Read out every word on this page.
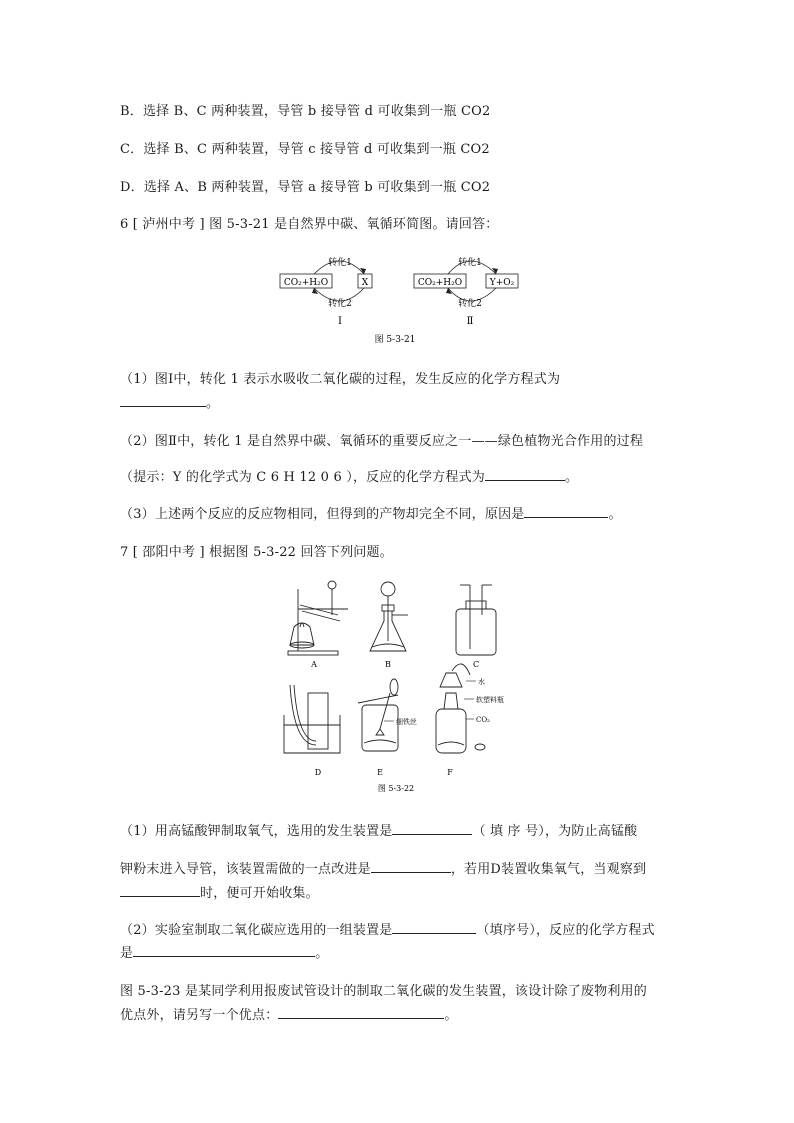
B．选择 B、C 两种装置，导管 b 接导管 d 可收集到一瓶 CO2
C．选择 B、C 两种装置，导管 c 接导管 d 可收集到一瓶 CO2
D．选择 A、B 两种装置，导管 a 接导管 b 可收集到一瓶 CO2
6 [ 泸州中考 ] 图 5-3-21 是自然界中碳、氧循环简图。请回答：
CO₂+H₂O	X
转化1
转化2
Ⅰ
CO₂+H₂O	Y+O₂
转化1
转化2
Ⅱ
图 5-3-21
（1）图Ⅰ中，转化 1 表示水吸收二氧化碳的过程，发生反应的化学方程式为
。
（2）图Ⅱ中，转化 1 是自然界中碳、氧循环的重要反应之一——绿色植物光合作用的过程
（提示：Y 的化学式为 C 6 H 12 0 6 ），反应的化学方程式为	。
（3）上述两个反应的反应物相同，但得到的产物却完全不同，原因是	。
7 [ 邵阳中考 ] 根据图 5-3-22 回答下列问题。
A	B	C
D	E	F
水
软塑料瓶
CO₂
细铁丝
图 5-3-22
（1）用高锰酸钾制取氧气，选用的发生装置是	（ 填 序 号），为防止高锰酸
钾粉末进入导管，该装置需做的一点改进是	，若用D装置收集氧气，当观察到
时，便可开始收集。
（2）实验室制取二氧化碳应选用的一组装置是	（填序号），反应的化学方程式
是	。
图 5-3-23 是某同学利用报废试管设计的制取二氧化碳的发生装置，该设计除了废物利用的
优点外，请另写一个优点：	。
